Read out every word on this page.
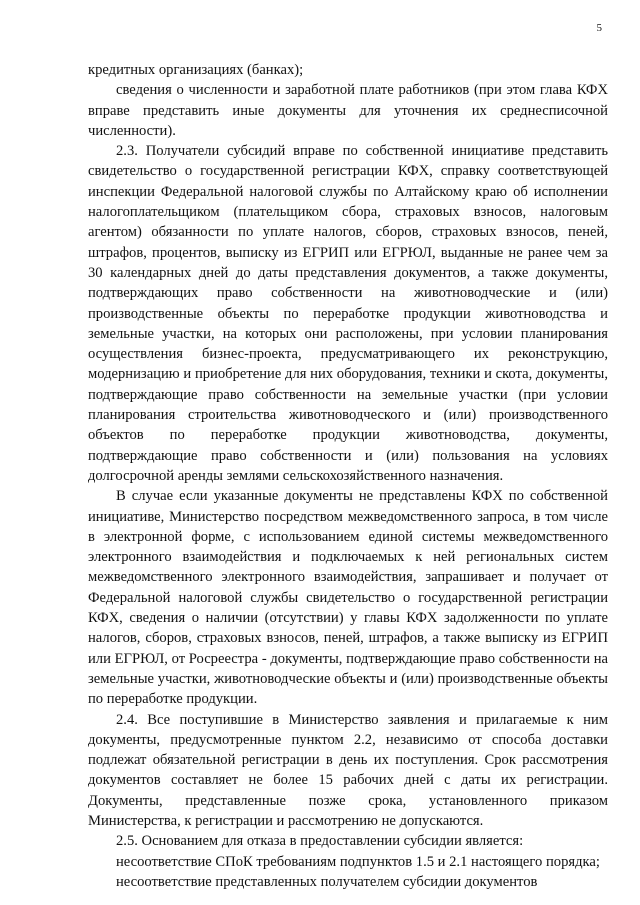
5

кредитных организациях (банках);

сведения о численности и заработной плате работников (при этом глава КФХ вправе представить иные документы для уточнения их среднесписочной численности).

2.3. Получатели субсидий вправе по собственной инициативе представить свидетельство о государственной регистрации КФХ, справку соответствующей инспекции Федеральной налоговой службы по Алтайскому краю об исполнении налогоплательщиком (плательщиком сбора, страховых взносов, налоговым агентом) обязанности по уплате налогов, сборов, страховых взносов, пеней, штрафов, процентов, выписку из ЕГРИП или ЕГРЮЛ, выданные не ранее чем за 30 календарных дней до даты представления документов, а также документы, подтверждающих право собственности на животноводческие и (или) производственные объекты по переработке продукции животноводства и земельные участки, на которых они расположены, при условии планирования осуществления бизнес-проекта, предусматривающего их реконструкцию, модернизацию и приобретение для них оборудования, техники и скота, документы, подтверждающие право собственности на земельные участки (при условии планирования строительства животноводческого и (или) производственного объектов по переработке продукции животноводства, документы, подтверждающие право собственности и (или) пользования на условиях долгосрочной аренды землями сельскохозяйственного назначения.

В случае если указанные документы не представлены КФХ по собственной инициативе, Министерство посредством межведомственного запроса, в том числе в электронной форме, с использованием единой системы межведомственного электронного взаимодействия и подключаемых к ней региональных систем межведомственного электронного взаимодействия, запрашивает и получает от Федеральной налоговой службы свидетельство о государственной регистрации КФХ, сведения о наличии (отсутствии) у главы КФХ задолженности по уплате налогов, сборов, страховых взносов, пеней, штрафов, а также выписку из ЕГРИП или ЕГРЮЛ, от Росреестра - документы, подтверждающие право собственности на земельные участки, животноводческие объекты и (или) производственные объекты по переработке продукции.

2.4. Все поступившие в Министерство заявления и прилагаемые к ним документы, предусмотренные пунктом 2.2, независимо от способа доставки подлежат обязательной регистрации в день их поступления. Срок рассмотрения документов составляет не более 15 рабочих дней с даты их регистрации. Документы, представленные позже срока, установленного приказом Министерства, к регистрации и рассмотрению не допускаются.

2.5. Основанием для отказа в предоставлении субсидии является:

несоответствие СПоК требованиям подпунктов 1.5 и 2.1 настоящего порядка;

несоответствие представленных получателем субсидии документов
